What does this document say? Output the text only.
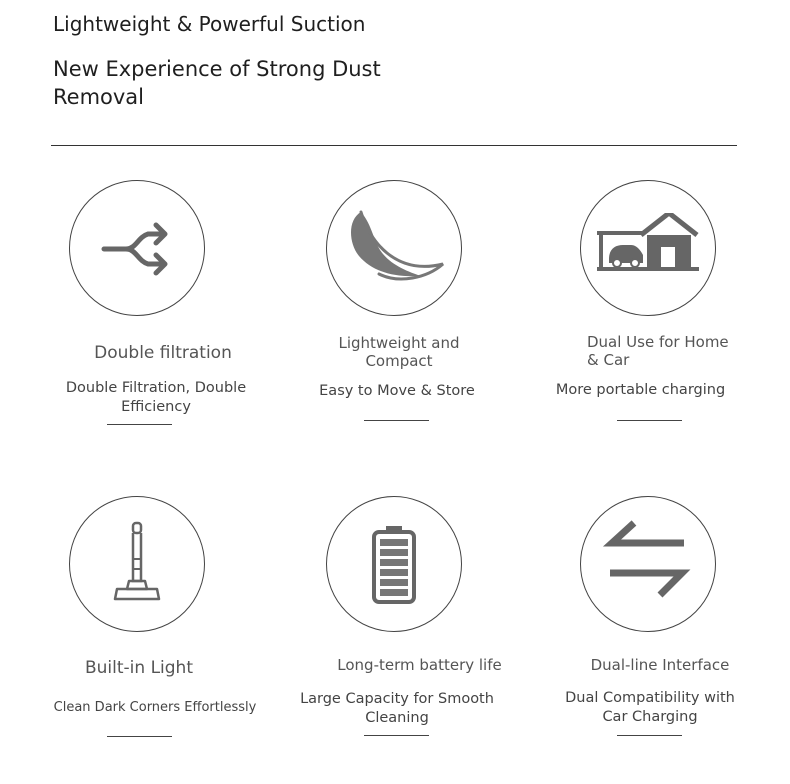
Lightweight & Powerful Suction
New Experience of Strong Dust Removal
Double filtration
Double Filtration, Double Efficiency
Lightweight and Compact
Easy to Move & Store
Dual Use for Home & Car
More portable charging
Built-in Light
Clean Dark Corners Effortlessly
Long-term battery life
Large Capacity for Smooth Cleaning
Dual-line Interface
Dual Compatibility with Car Charging
